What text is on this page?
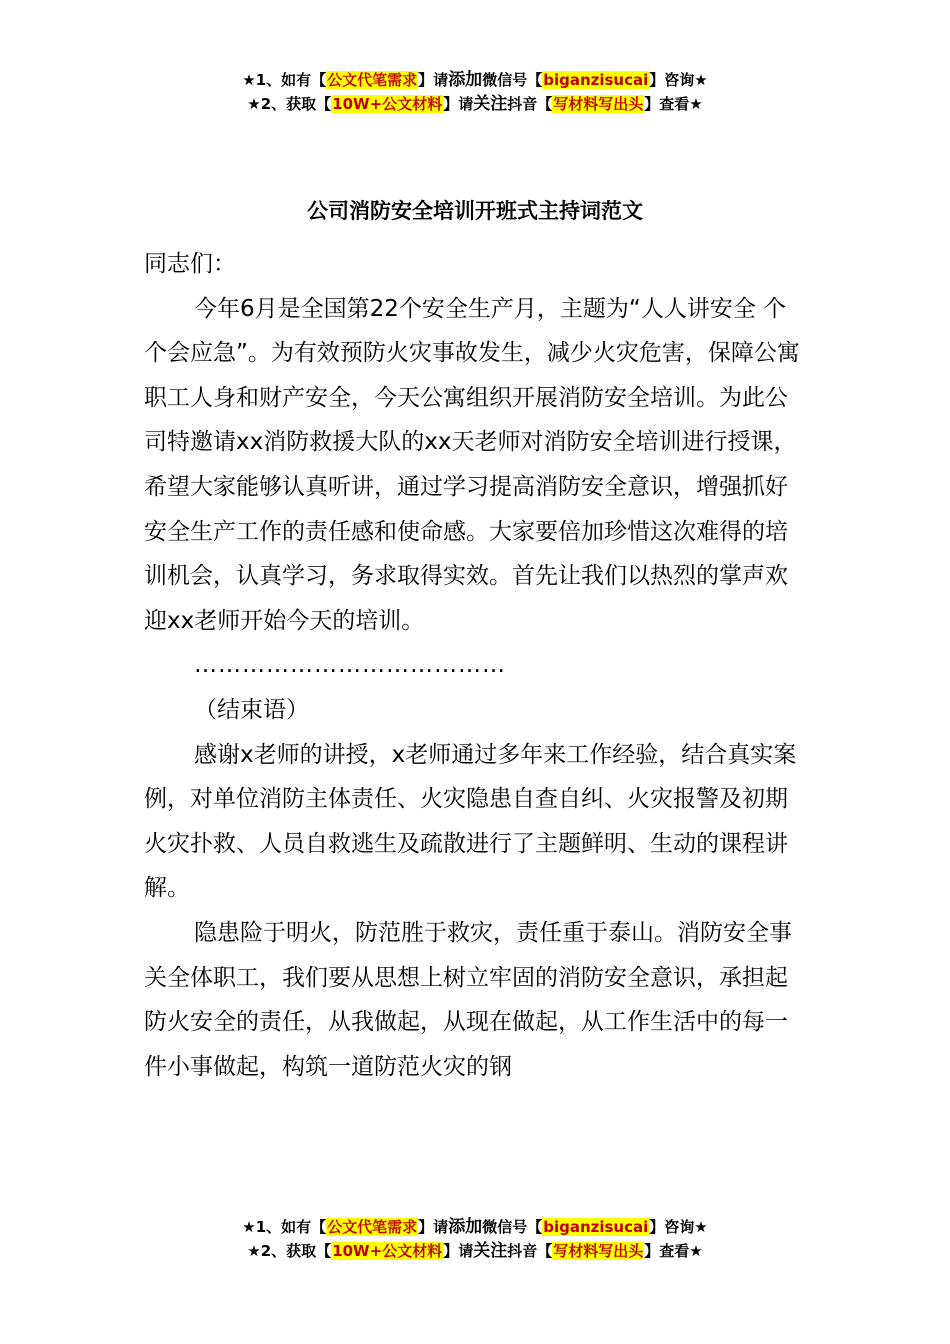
★1、如有【公文代笔需求】请添加微信号【biganzisucai】咨询★
★2、获取【10W+公文材料】请关注抖音【写材料写出头】查看★
公司消防安全培训开班式主持词范文

同志们：

今年6月是全国第22个安全生产月，主题为“人人讲安全 个个会应急”。为有效预防火灾事故发生，减少火灾危害，保障公寓职工人身和财产安全，今天公寓组织开展消防安全培训。为此公司特邀请xx消防救援大队的xx天老师对消防安全培训进行授课，希望大家能够认真听讲，通过学习提高消防安全意识，增强抓好安全生产工作的责任感和使命感。大家要倍加珍惜这次难得的培训机会，认真学习，务求取得实效。首先让我们以热烈的掌声欢迎xx老师开始今天的培训。

…………………………………

（结束语）

感谢x老师的讲授，x老师通过多年来工作经验，结合真实案例，对单位消防主体责任、火灾隐患自查自纠、火灾报警及初期火灾扑救、人员自救逃生及疏散进行了主题鲜明、生动的课程讲解。

隐患险于明火，防范胜于救灾，责任重于泰山。消防安全事关全体职工，我们要从思想上树立牢固的消防安全意识，承担起防火安全的责任，从我做起，从现在做起，从工作生活中的每一件小事做起，构筑一道防范火灾的钢

★1、如有【公文代笔需求】请添加微信号【biganzisucai】咨询★
★2、获取【10W+公文材料】请关注抖音【写材料写出头】查看★
